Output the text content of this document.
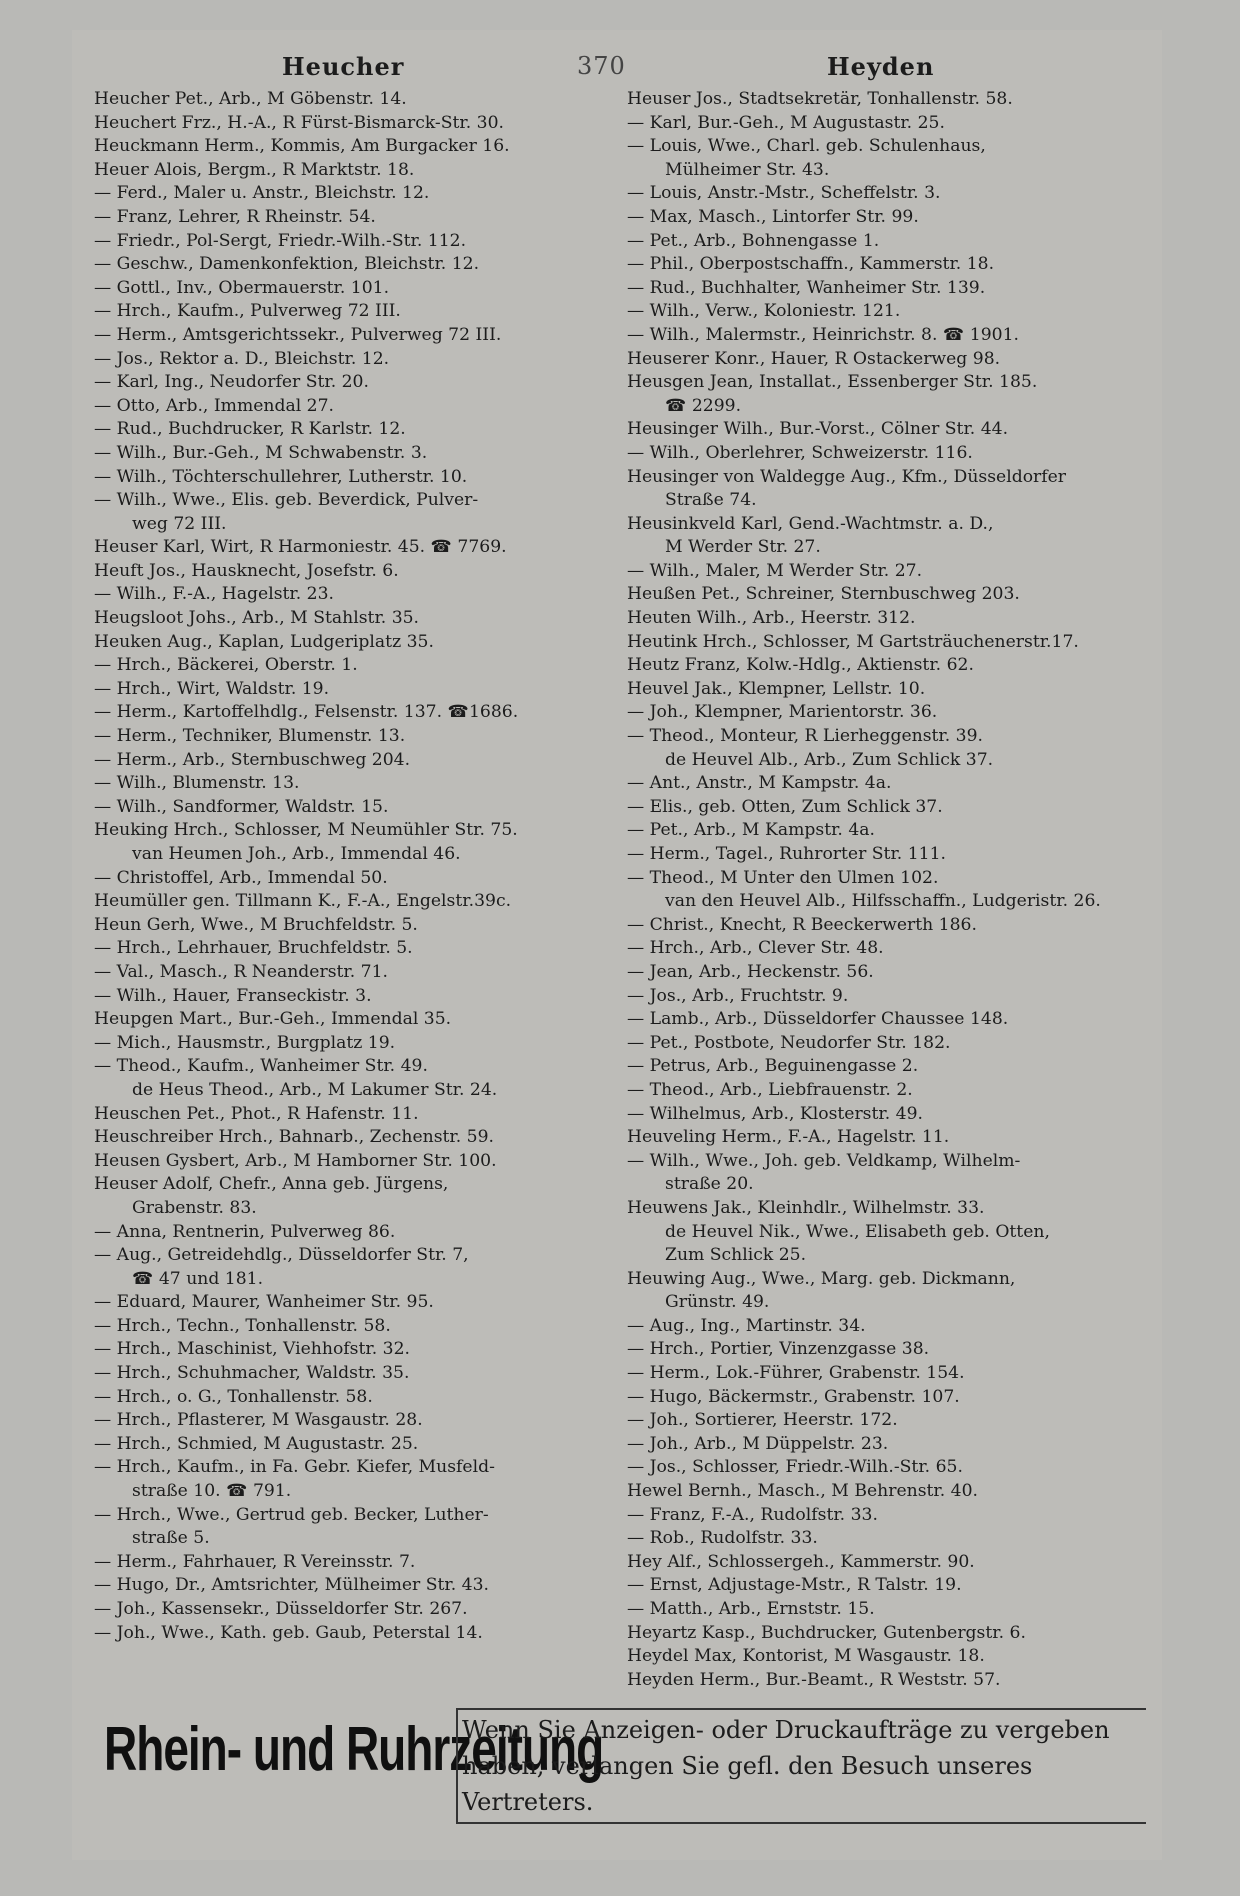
Heucher	370	Heyden
Heucher Pet., Arb., M Göbenstr. 14.
Heuchert Frz., H.-A., R Fürst-Bismarck-Str. 30.
Heuckmann Herm., Kommis, Am Burgacker 16.
Heuer Alois, Bergm., R Marktstr. 18.
— Ferd., Maler u. Anstr., Bleichstr. 12.
— Franz, Lehrer, R Rheinstr. 54.
— Friedr., Pol-Sergt, Friedr.-Wilh.-Str. 112.
— Geschw., Damenkonfektion, Bleichstr. 12.
— Gottl., Inv., Obermauerstr. 101.
— Hrch., Kaufm., Pulverweg 72 III.
— Herm., Amtsgerichtssekr., Pulverweg 72 III.
— Jos., Rektor a. D., Bleichstr. 12.
— Karl, Ing., Neudorfer Str. 20.
— Otto, Arb., Immendal 27.
— Rud., Buchdrucker, R Karlstr. 12.
— Wilh., Bur.-Geh., M Schwabenstr. 3.
— Wilh., Töchterschullehrer, Lutherstr. 10.
— Wilh., Wwe., Elis. geb. Beverdick, Pulver-
weg 72 III.
Heuser Karl, Wirt, R Harmoniestr. 45. ☎ 7769.
Heuft Jos., Hausknecht, Josefstr. 6.
— Wilh., F.-A., Hagelstr. 23.
Heugsloot Johs., Arb., M Stahlstr. 35.
Heuken Aug., Kaplan, Ludgeriplatz 35.
— Hrch., Bäckerei, Oberstr. 1.
— Hrch., Wirt, Waldstr. 19.
— Herm., Kartoffelhdlg., Felsenstr. 137. ☎1686.
— Herm., Techniker, Blumenstr. 13.
— Herm., Arb., Sternbuschweg 204.
— Wilh., Blumenstr. 13.
— Wilh., Sandformer, Waldstr. 15.
Heuking Hrch., Schlosser, M Neumühler Str. 75.
van Heumen Joh., Arb., Immendal 46.
— Christoffel, Arb., Immendal 50.
Heumüller gen. Tillmann K., F.-A., Engelstr.39c.
Heun Gerh, Wwe., M Bruchfeldstr. 5.
— Hrch., Lehrhauer, Bruchfeldstr. 5.
— Val., Masch., R Neanderstr. 71.
— Wilh., Hauer, Franseckistr. 3.
Heupgen Mart., Bur.-Geh., Immendal 35.
— Mich., Hausmstr., Burgplatz 19.
— Theod., Kaufm., Wanheimer Str. 49.
de Heus Theod., Arb., M Lakumer Str. 24.
Heuschen Pet., Phot., R Hafenstr. 11.
Heuschreiber Hrch., Bahnarb., Zechenstr. 59.
Heusen Gysbert, Arb., M Hamborner Str. 100.
Heuser Adolf, Chefr., Anna geb. Jürgens,
Grabenstr. 83.
— Anna, Rentnerin, Pulverweg 86.
— Aug., Getreidehdlg., Düsseldorfer Str. 7,
☎ 47 und 181.
— Eduard, Maurer, Wanheimer Str. 95.
— Hrch., Techn., Tonhallenstr. 58.
— Hrch., Maschinist, Viehhofstr. 32.
— Hrch., Schuhmacher, Waldstr. 35.
— Hrch., o. G., Tonhallenstr. 58.
— Hrch., Pflasterer, M Wasgaustr. 28.
— Hrch., Schmied, M Augustastr. 25.
— Hrch., Kaufm., in Fa. Gebr. Kiefer, Musfeld-
straße 10. ☎ 791.
— Hrch., Wwe., Gertrud geb. Becker, Luther-
straße 5.
— Herm., Fahrhauer, R Vereinsstr. 7.
— Hugo, Dr., Amtsrichter, Mülheimer Str. 43.
— Joh., Kassensekr., Düsseldorfer Str. 267.
— Joh., Wwe., Kath. geb. Gaub, Peterstal 14.
Heuser Jos., Stadtsekretär, Tonhallenstr. 58.
— Karl, Bur.-Geh., M Augustastr. 25.
— Louis, Wwe., Charl. geb. Schulenhaus,
Mülheimer Str. 43.
— Louis, Anstr.-Mstr., Scheffelstr. 3.
— Max, Masch., Lintorfer Str. 99.
— Pet., Arb., Bohnengasse 1.
— Phil., Oberpostschaffn., Kammerstr. 18.
— Rud., Buchhalter, Wanheimer Str. 139.
— Wilh., Verw., Koloniestr. 121.
— Wilh., Malermstr., Heinrichstr. 8. ☎ 1901.
Heuserer Konr., Hauer, R Ostackerweg 98.
Heusgen Jean, Installat., Essenberger Str. 185.
☎ 2299.
Heusinger Wilh., Bur.-Vorst., Cölner Str. 44.
— Wilh., Oberlehrer, Schweizerstr. 116.
Heusinger von Waldegge Aug., Kfm., Düsseldorfer
Straße 74.
Heusinkveld Karl, Gend.-Wachtmstr. a. D.,
M Werder Str. 27.
— Wilh., Maler, M Werder Str. 27.
Heußen Pet., Schreiner, Sternbuschweg 203.
Heuten Wilh., Arb., Heerstr. 312.
Heutink Hrch., Schlosser, M Gartsträuchenerstr.17.
Heutz Franz, Kolw.-Hdlg., Aktienstr. 62.
Heuvel Jak., Klempner, Lellstr. 10.
— Joh., Klempner, Marientorstr. 36.
— Theod., Monteur, R Lierheggenstr. 39.
de Heuvel Alb., Arb., Zum Schlick 37.
— Ant., Anstr., M Kampstr. 4a.
— Elis., geb. Otten, Zum Schlick 37.
— Pet., Arb., M Kampstr. 4a.
— Herm., Tagel., Ruhrorter Str. 111.
— Theod., M Unter den Ulmen 102.
van den Heuvel Alb., Hilfsschaffn., Ludgeristr. 26.
— Christ., Knecht, R Beeckerwerth 186.
— Hrch., Arb., Clever Str. 48.
— Jean, Arb., Heckenstr. 56.
— Jos., Arb., Fruchtstr. 9.
— Lamb., Arb., Düsseldorfer Chaussee 148.
— Pet., Postbote, Neudorfer Str. 182.
— Petrus, Arb., Beguinengasse 2.
— Theod., Arb., Liebfrauenstr. 2.
— Wilhelmus, Arb., Klosterstr. 49.
Heuveling Herm., F.-A., Hagelstr. 11.
— Wilh., Wwe., Joh. geb. Veldkamp, Wilhelm-
straße 20.
Heuwens Jak., Kleinhdlr., Wilhelmstr. 33.
de Heuvel Nik., Wwe., Elisabeth geb. Otten,
Zum Schlick 25.
Heuwing Aug., Wwe., Marg. geb. Dickmann,
Grünstr. 49.
— Aug., Ing., Martinstr. 34.
— Hrch., Portier, Vinzenzgasse 38.
— Herm., Lok.-Führer, Grabenstr. 154.
— Hugo, Bäckermstr., Grabenstr. 107.
— Joh., Sortierer, Heerstr. 172.
— Joh., Arb., M Düppelstr. 23.
— Jos., Schlosser, Friedr.-Wilh.-Str. 65.
Hewel Bernh., Masch., M Behrenstr. 40.
— Franz, F.-A., Rudolfstr. 33.
— Rob., Rudolfstr. 33.
Hey Alf., Schlossergeh., Kammerstr. 90.
— Ernst, Adjustage-Mstr., R Talstr. 19.
— Matth., Arb., Ernststr. 15.
Heyartz Kasp., Buchdrucker, Gutenbergstr. 6.
Heydel Max, Kontorist, M Wasgaustr. 18.
Heyden Herm., Bur.-Beamt., R Weststr. 57.
Rhein- und Ruhrzeitung
Wenn Sie Anzeigen- oder Druckaufträge zu vergeben
haben, verlangen Sie gefl. den Besuch unseres Vertreters.
